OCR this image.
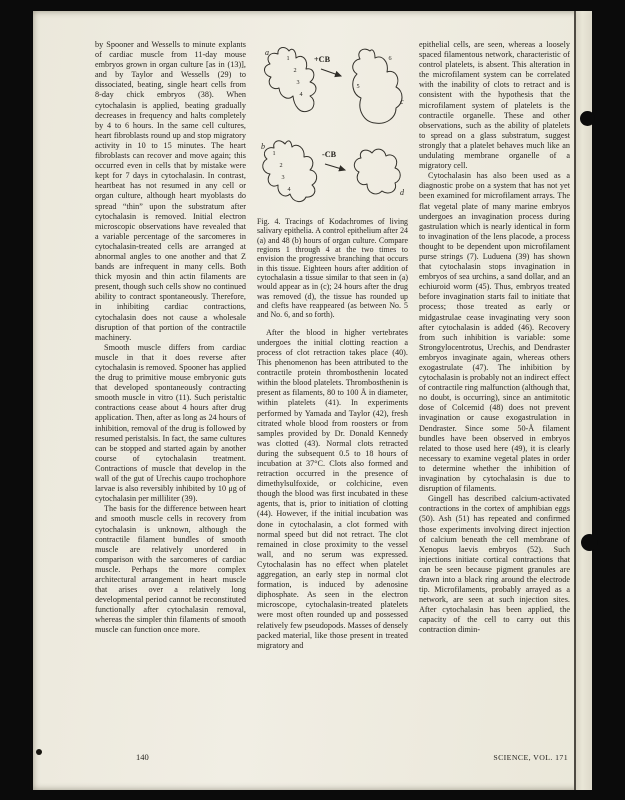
by Spooner and Wessells to minute explants of cardiac muscle from 11-day mouse embryos grown in organ culture [as in (13)], and by Taylor and Wessells (29) to dissociated, beating, single heart cells from 8-day chick embryos (38). When cytochalasin is applied, beating gradually decreases in frequency and halts completely by 4 to 6 hours. In the same cell cultures, heart fibroblasts round up and stop migratory activity in 10 to 15 minutes. The heart fibroblasts can recover and move again; this occurred even in cells that by mistake were kept for 7 days in cytochalasin. In contrast, heartbeat has not resumed in any cell or organ culture, although heart myoblasts do spread “thin” upon the substratum after cytochalasin is removed. Initial electron microscopic observations have revealed that a variable percentage of the sarcomeres in cytochalasin-treated cells are arranged at abnormal angles to one another and that Z bands are infrequent in many cells. Both thick myosin and thin actin filaments are present, though such cells show no continued ability to contract spontaneously. Therefore, in inhibiting cardiac contractions, cytochalasin does not cause a wholesale disruption of that portion of the contractile machinery.

Smooth muscle differs from cardiac muscle in that it does reverse after cytochalasin is removed. Spooner has applied the drug to primitive mouse embryonic guts that developed spontaneously contracting smooth muscle in vitro (11). Such peristaltic contractions cease about 4 hours after drug application. Then, after as long as 24 hours of inhibition, removal of the drug is followed by resumed peristalsis. In fact, the same cultures can be stopped and started again by another course of cytochalasin treatment. Contractions of muscle that develop in the wall of the gut of Urechis caupo trochophore larvae is also reversibly inhibited by 10 μg of cytochalasin per milliliter (39).

The basis for the difference between heart and smooth muscle cells in recovery from cytochalasin is unknown, although the contractile filament bundles of smooth muscle are relatively unordered in comparison with the sarcomeres of cardiac muscle. Perhaps the more complex architectural arrangement in heart muscle that arises over a relatively long developmental period cannot be reconstituted functionally after cytochalasin removal, whereas the simpler thin filaments of smooth muscle can function once more.

a
1
2
3
4
+CB
5
6
c
b
1
2
3
4
-CB
d
Fig. 4. Tracings of Kodachromes of living salivary epithelia. A control epithelium after 24 (a) and 48 (b) hours of organ culture. Compare regions 1 through 4 at the two times to envision the progressive branching that occurs in this tissue. Eighteen hours after addition of cytochalasin a tissue similar to that seen in (a) would appear as in (c); 24 hours after the drug was removed (d), the tissue has rounded up and clefts have reappeared (as between No. 5 and No. 6, and so forth).

After the blood in higher vertebrates undergoes the initial clotting reaction a process of clot retraction takes place (40). This phenomenon has been attributed to the contractile protein thrombosthenin located within the blood platelets. Thrombosthenin is present as filaments, 80 to 100 Å in diameter, within platelets (41). In experiments performed by Yamada and Taylor (42), fresh citrated whole blood from roosters or from samples provided by Dr. Donald Kennedy was clotted (43). Normal clots retracted during the subsequent 0.5 to 18 hours of incubation at 37°C. Clots also formed and retraction occurred in the presence of dimethylsulfoxide, or colchicine, even though the blood was first incubated in these agents, that is, prior to initiation of clotting (44). However, if the initial incubation was done in cytochalasin, a clot formed with normal speed but did not retract. The clot remained in close proximity to the vessel wall, and no serum was expressed. Cytochalasin has no effect when platelet aggregation, an early step in normal clot formation, is induced by adenosine diphosphate. As seen in the electron microscope, cytochalasin-treated platelets were most often rounded up and possessed relatively few pseudopods. Masses of densely packed material, like those present in treated migratory and

epithelial cells, are seen, whereas a loosely spaced filamentous network, characteristic of control platelets, is absent. This alteration in the microfilament system can be correlated with the inability of clots to retract and is consistent with the hypothesis that the microfilament system of platelets is the contractile organelle. These and other observations, such as the ability of platelets to spread on a glass substratum, suggest strongly that a platelet behaves much like an undulating membrane organelle of a migratory cell.

Cytochalasin has also been used as a diagnostic probe on a system that has not yet been examined for microfilament arrays. The flat vegetal plate of many marine embryos undergoes an invagination process during gastrulation which is nearly identical in form to invagination of the lens placode, a process thought to be dependent upon microfilament purse strings (7). Luduena (39) has shown that cytochalasin stops invagination in embryos of sea urchins, a sand dollar, and an echiuroid worm (45). Thus, embryos treated before invagination starts fail to initiate that process; those treated as early or midgastrulae cease invaginating very soon after cytochalasin is added (46). Recovery from such inhibition is variable: some Strongylocentrotus, Urechis, and Dendraster embryos invaginate again, whereas others exogastrulate (47). The inhibition by cytochalasin is probably not an indirect effect of contractile ring malfunction (although that, no doubt, is occurring), since an antimitotic dose of Colcemid (48) does not prevent invagination or cause exogastrulation in Dendraster. Since some 50-Å filament bundles have been observed in embryos related to those used here (49), it is clearly necessary to examine vegetal plates in order to determine whether the inhibition of invagination by cytochalasin is due to disruption of filaments.

Gingell has described calcium-activated contractions in the cortex of amphibian eggs (50). Ash (51) has repeated and confirmed those experiments involving direct injection of calcium beneath the cell membrane of Xenopus laevis embryos (52). Such injections initiate cortical contractions that can be seen because pigment granules are drawn into a black ring around the electrode tip. Microfilaments, probably arrayed as a network, are seen at such injection sites. After cytochalasin has been applied, the capacity of the cell to carry out this contraction dimin-

140	SCIENCE, VOL. 171
